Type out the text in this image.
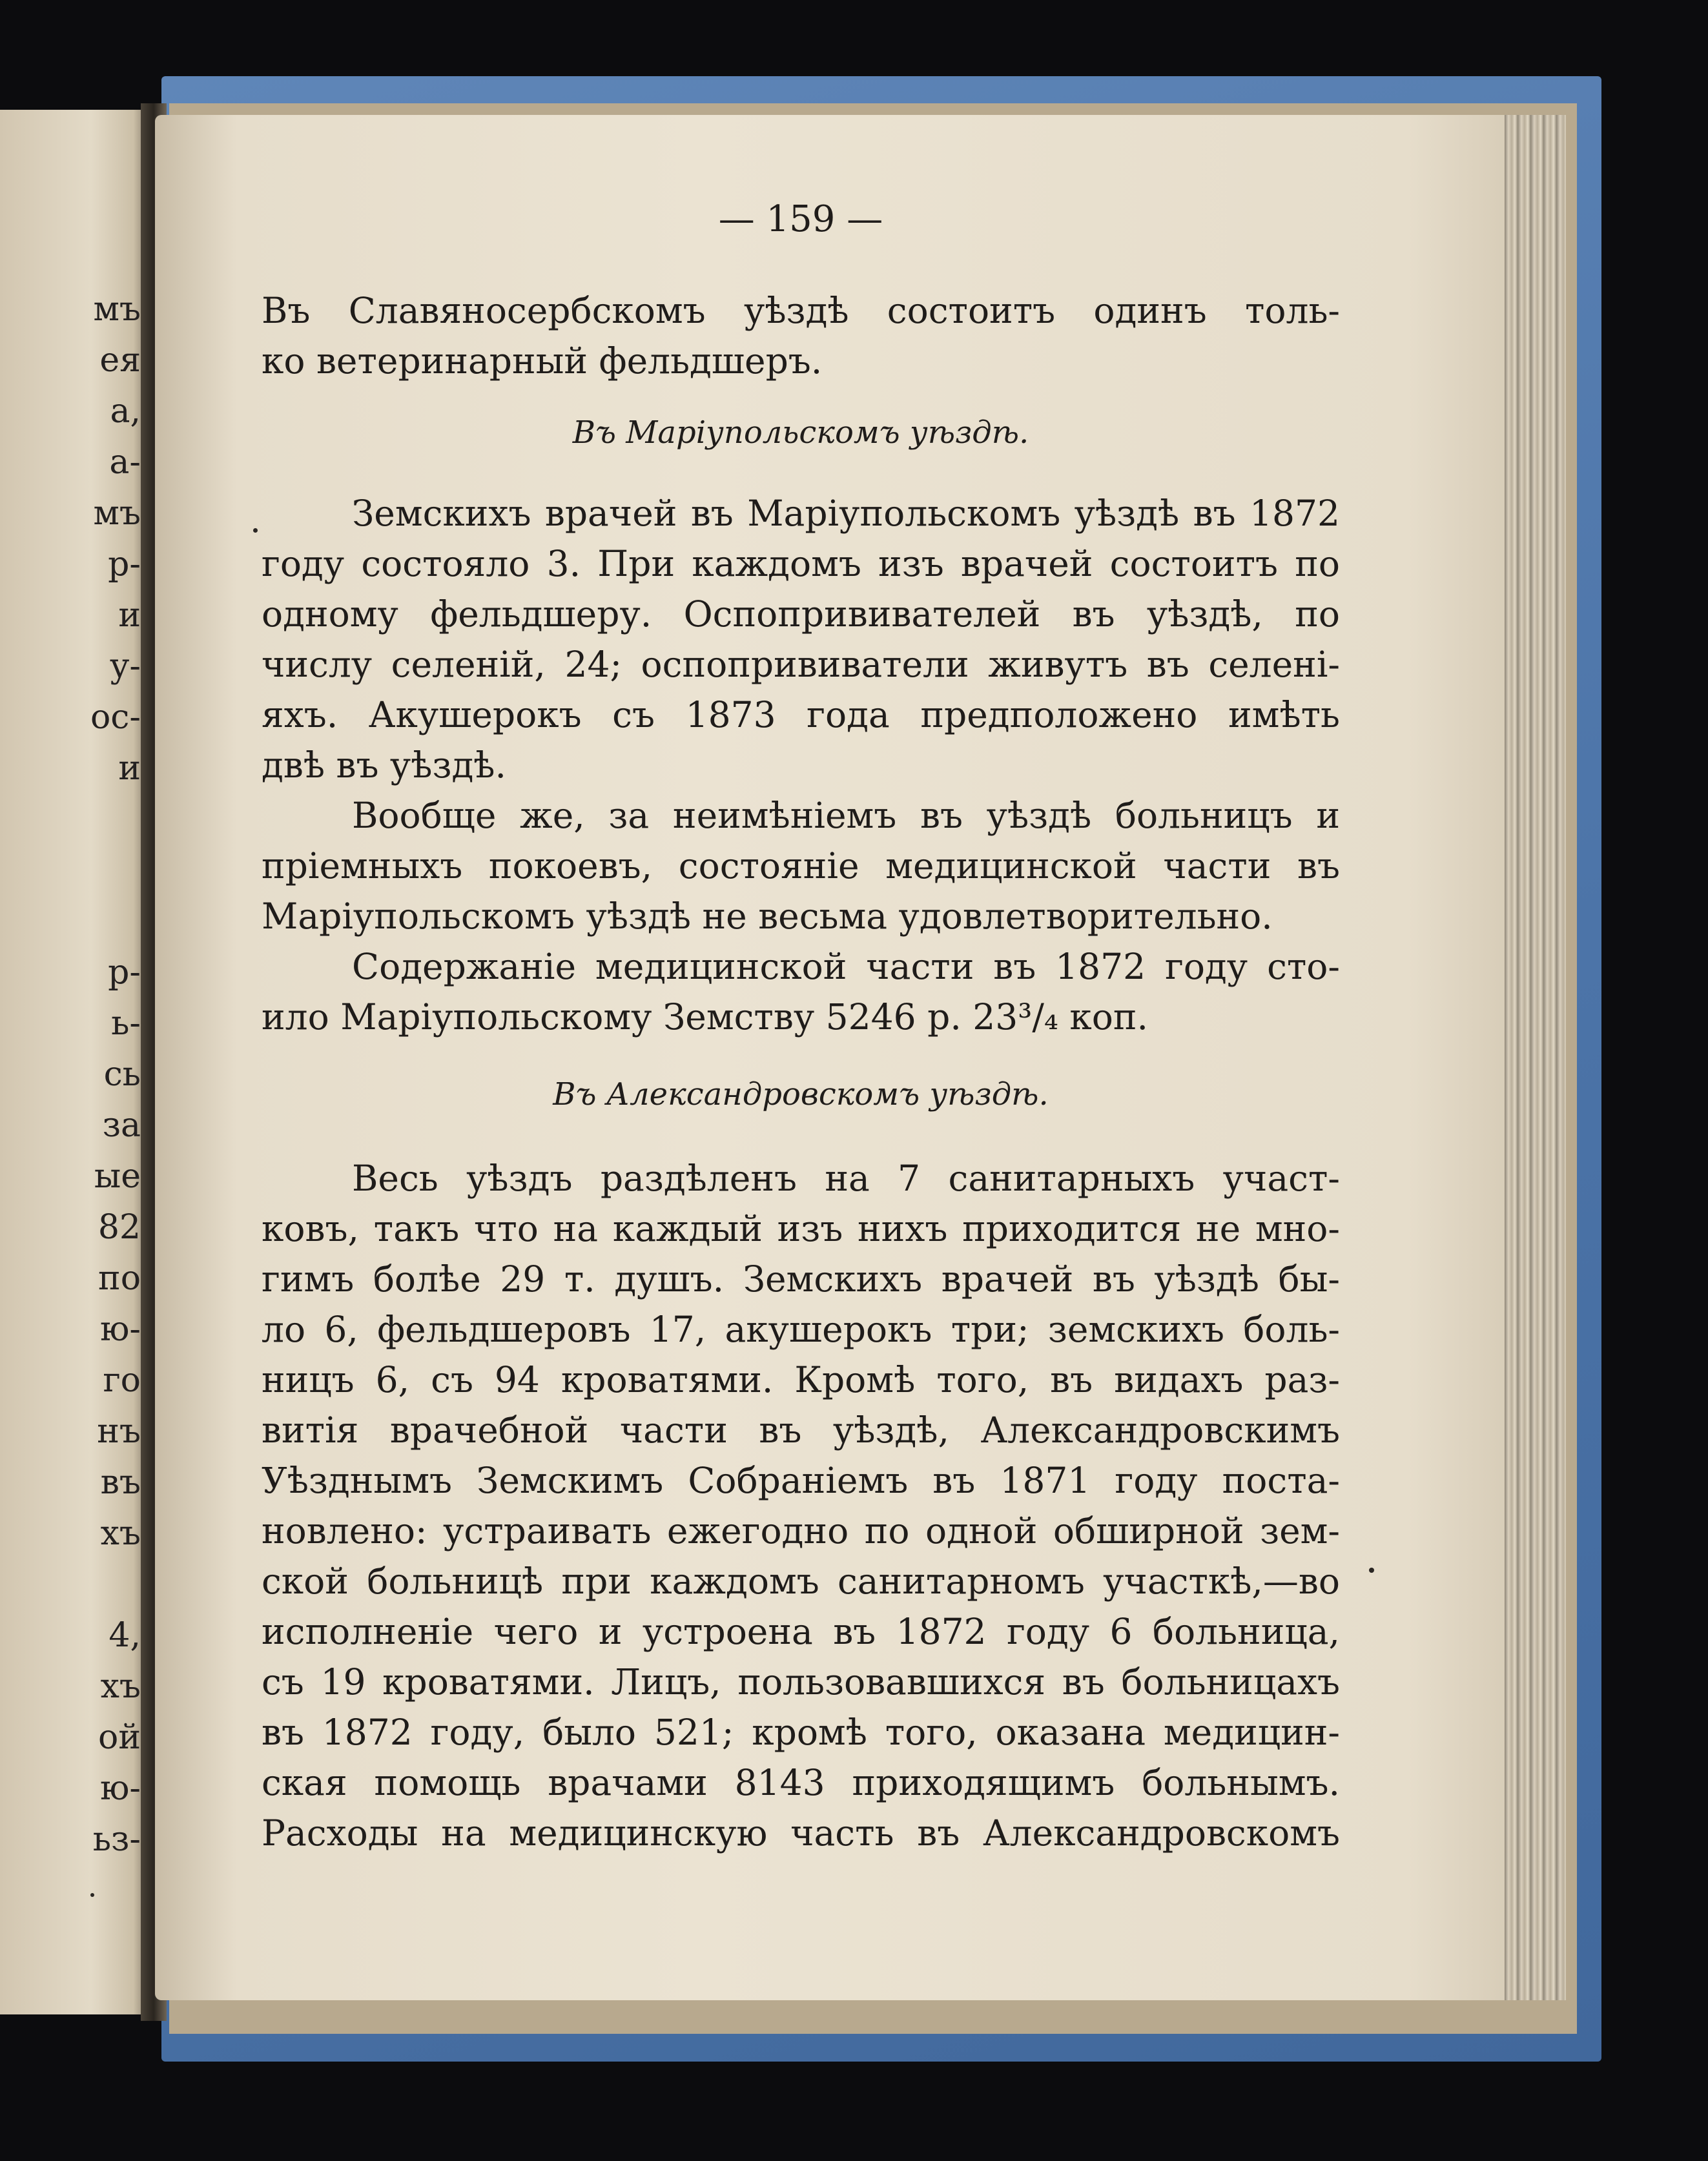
мъ
ея
а,
а-
мъ
р-
и
у-
ос-
и

р-
ь-
сь
за
ые
82
по
ю-
го
нъ
въ
хъ

4,
хъ
ой
ю-
ьз-
— 159 —
Въ Славяносербскомъ уѣздѣ состоитъ одинъ толь-
ко ветеринарный фельдшеръ.
Въ Маріупольскомъ уѣздѣ.
Земскихъ врачей въ Маріупольскомъ уѣздѣ въ 1872
году состояло 3. При каждомъ изъ врачей состоитъ по
одному фельдшеру. Оспопрививателей въ уѣздѣ, по
числу селеній, 24; оспопрививатели живутъ въ селені-
яхъ. Акушерокъ съ 1873 года предположено имѣть
двѣ въ уѣздѣ.
Вообще же, за неимѣніемъ въ уѣздѣ больницъ и
пріемныхъ покоевъ, состояніе медицинской части въ
Маріупольскомъ уѣздѣ не весьма удовлетворительно.
Содержаніе медицинской части въ 1872 году сто-
ило Маріупольскому Земству 5246 р. 23³/₄ коп.
Въ Александровскомъ уѣздѣ.
Весь уѣздъ раздѣленъ на 7 санитарныхъ участ-
ковъ, такъ что на каждый изъ нихъ приходится не мно-
гимъ болѣе 29 т. душъ. Земскихъ врачей въ уѣздѣ бы-
ло 6, фельдшеровъ 17, акушерокъ три; земскихъ боль-
ницъ 6, съ 94 кроватями. Кромѣ того, въ видахъ раз-
витія врачебной части въ уѣздѣ, Александровскимъ
Уѣзднымъ Земскимъ Собраніемъ въ 1871 году поста-
новлено: устраивать ежегодно по одной обширной зем-
ской больницѣ при каждомъ санитарномъ участкѣ,—во
исполненіе чего и устроена въ 1872 году 6 больница,
съ 19 кроватями. Лицъ, пользовавшихся въ больницахъ
въ 1872 году, было 521; кромѣ того, оказана медицин-
ская помощь врачами 8143 приходящимъ больнымъ.
Расходы на медицинскую часть въ Александровскомъ
